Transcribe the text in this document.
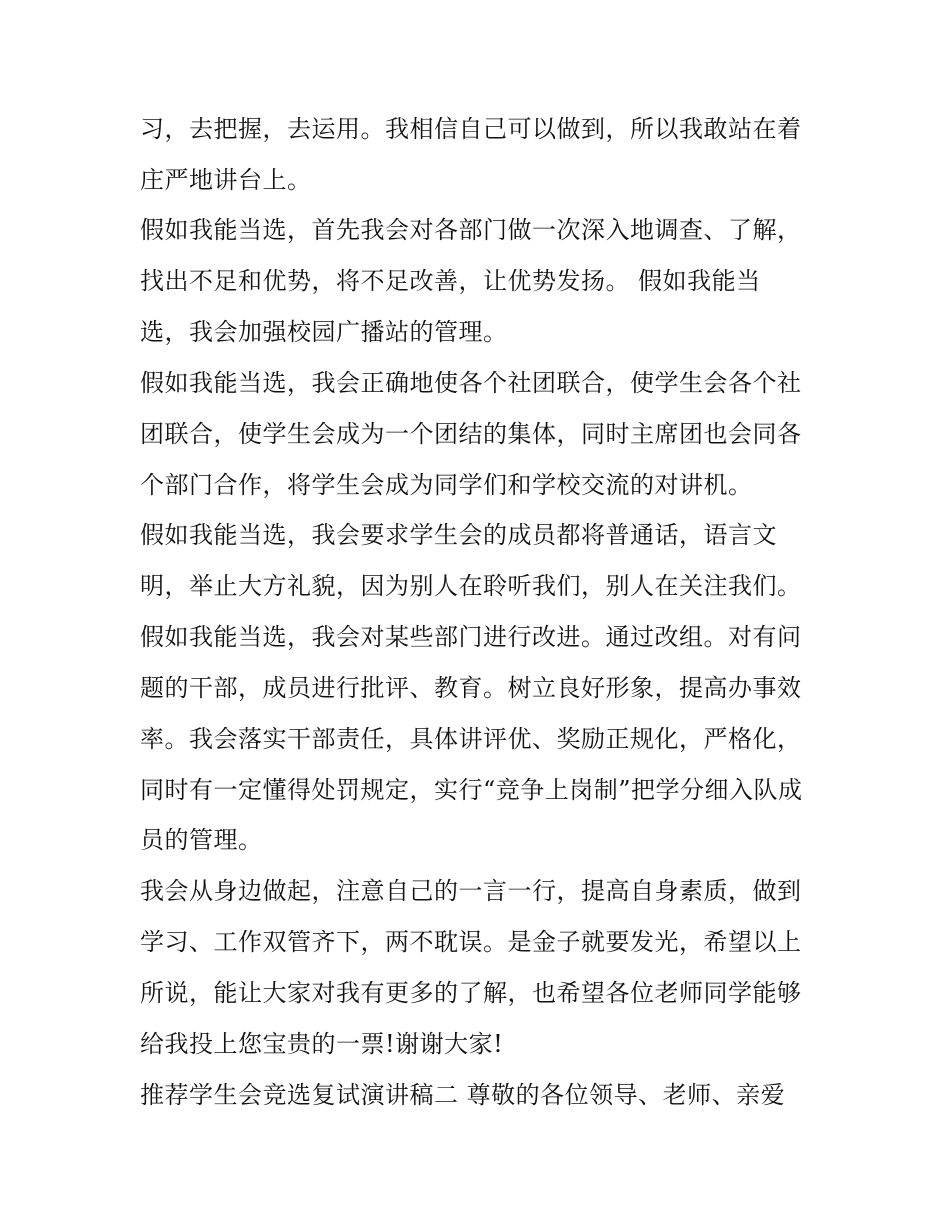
习，去把握，去运用。我相信自己可以做到，所以我敢站在着
庄严地讲台上。
假如我能当选，首先我会对各部门做一次深入地调查、了解，
找出不足和优势，将不足改善，让优势发扬。 假如我能当
选，我会加强校园广播站的管理。
假如我能当选，我会正确地使各个社团联合，使学生会各个社
团联合，使学生会成为一个团结的集体，同时主席团也会同各
个部门合作，将学生会成为同学们和学校交流的对讲机。
假如我能当选，我会要求学生会的成员都将普通话，语言文
明，举止大方礼貌，因为别人在聆听我们，别人在关注我们。
假如我能当选，我会对某些部门进行改进。通过改组。对有问
题的干部，成员进行批评、教育。树立良好形象，提高办事效
率。我会落实干部责任，具体讲评优、奖励正规化，严格化，
同时有一定懂得处罚规定，实行“竞争上岗制”把学分细入队成
员的管理。
我会从身边做起，注意自己的一言一行，提高自身素质，做到
学习、工作双管齐下，两不耽误。是金子就要发光，希望以上
所说，能让大家对我有更多的了解，也希望各位老师同学能够
给我投上您宝贵的一票!谢谢大家!
推荐学生会竞选复试演讲稿二 尊敬的各位领导、老师、亲爱
